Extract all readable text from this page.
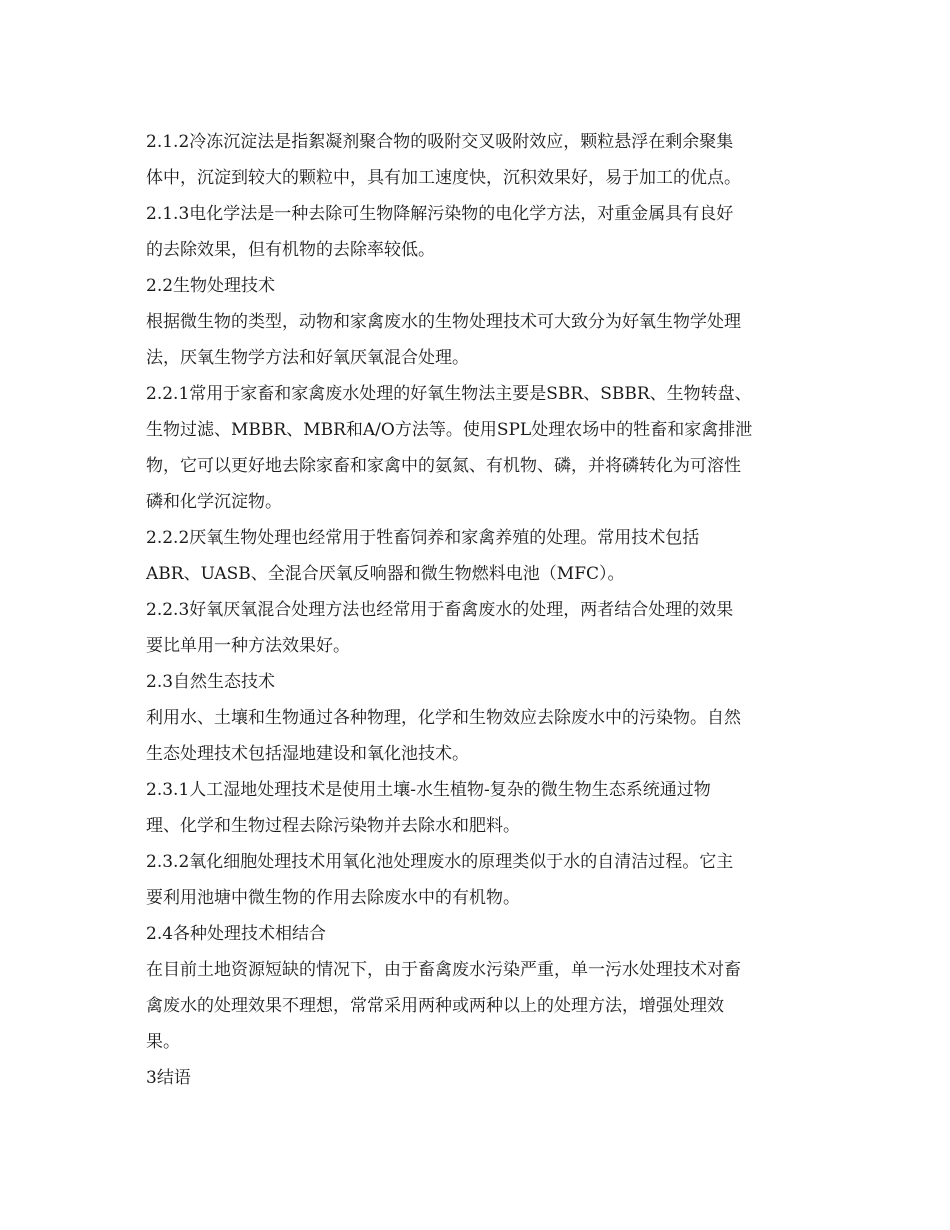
2.1.2冷冻沉淀法是指絮凝剂聚合物的吸附交叉吸附效应，颗粒悬浮在剩余聚集
体中，沉淀到较大的颗粒中，具有加工速度快，沉积效果好，易于加工的优点。
2.1.3电化学法是一种去除可生物降解污染物的电化学方法，对重金属具有良好
的去除效果，但有机物的去除率较低。
2.2生物处理技术
根据微生物的类型，动物和家禽废水的生物处理技术可大致分为好氧生物学处理
法，厌氧生物学方法和好氧厌氧混合处理。
2.2.1常用于家畜和家禽废水处理的好氧生物法主要是SBR、SBBR、生物转盘、
生物过滤、MBBR、MBR和A/O方法等。使用SPL处理农场中的牲畜和家禽排泄
物，它可以更好地去除家畜和家禽中的氨氮、有机物、磷，并将磷转化为可溶性
磷和化学沉淀物。
2.2.2厌氧生物处理也经常用于牲畜饲养和家禽养殖的处理。常用技术包括
ABR、UASB、全混合厌氧反响器和微生物燃料电池（MFC）。
2.2.3好氧厌氧混合处理方法也经常用于畜禽废水的处理，两者结合处理的效果
要比单用一种方法效果好。
2.3自然生态技术
利用水、土壤和生物通过各种物理，化学和生物效应去除废水中的污染物。自然
生态处理技术包括湿地建设和氧化池技术。
2.3.1人工湿地处理技术是使用土壤-水生植物-复杂的微生物生态系统通过物
理、化学和生物过程去除污染物并去除水和肥料。
2.3.2氧化细胞处理技术用氧化池处理废水的原理类似于水的自清洁过程。它主
要利用池塘中微生物的作用去除废水中的有机物。
2.4各种处理技术相结合
在目前土地资源短缺的情况下，由于畜禽废水污染严重，单一污水处理技术对畜
禽废水的处理效果不理想，常常采用两种或两种以上的处理方法，增强处理效
果。
3结语
